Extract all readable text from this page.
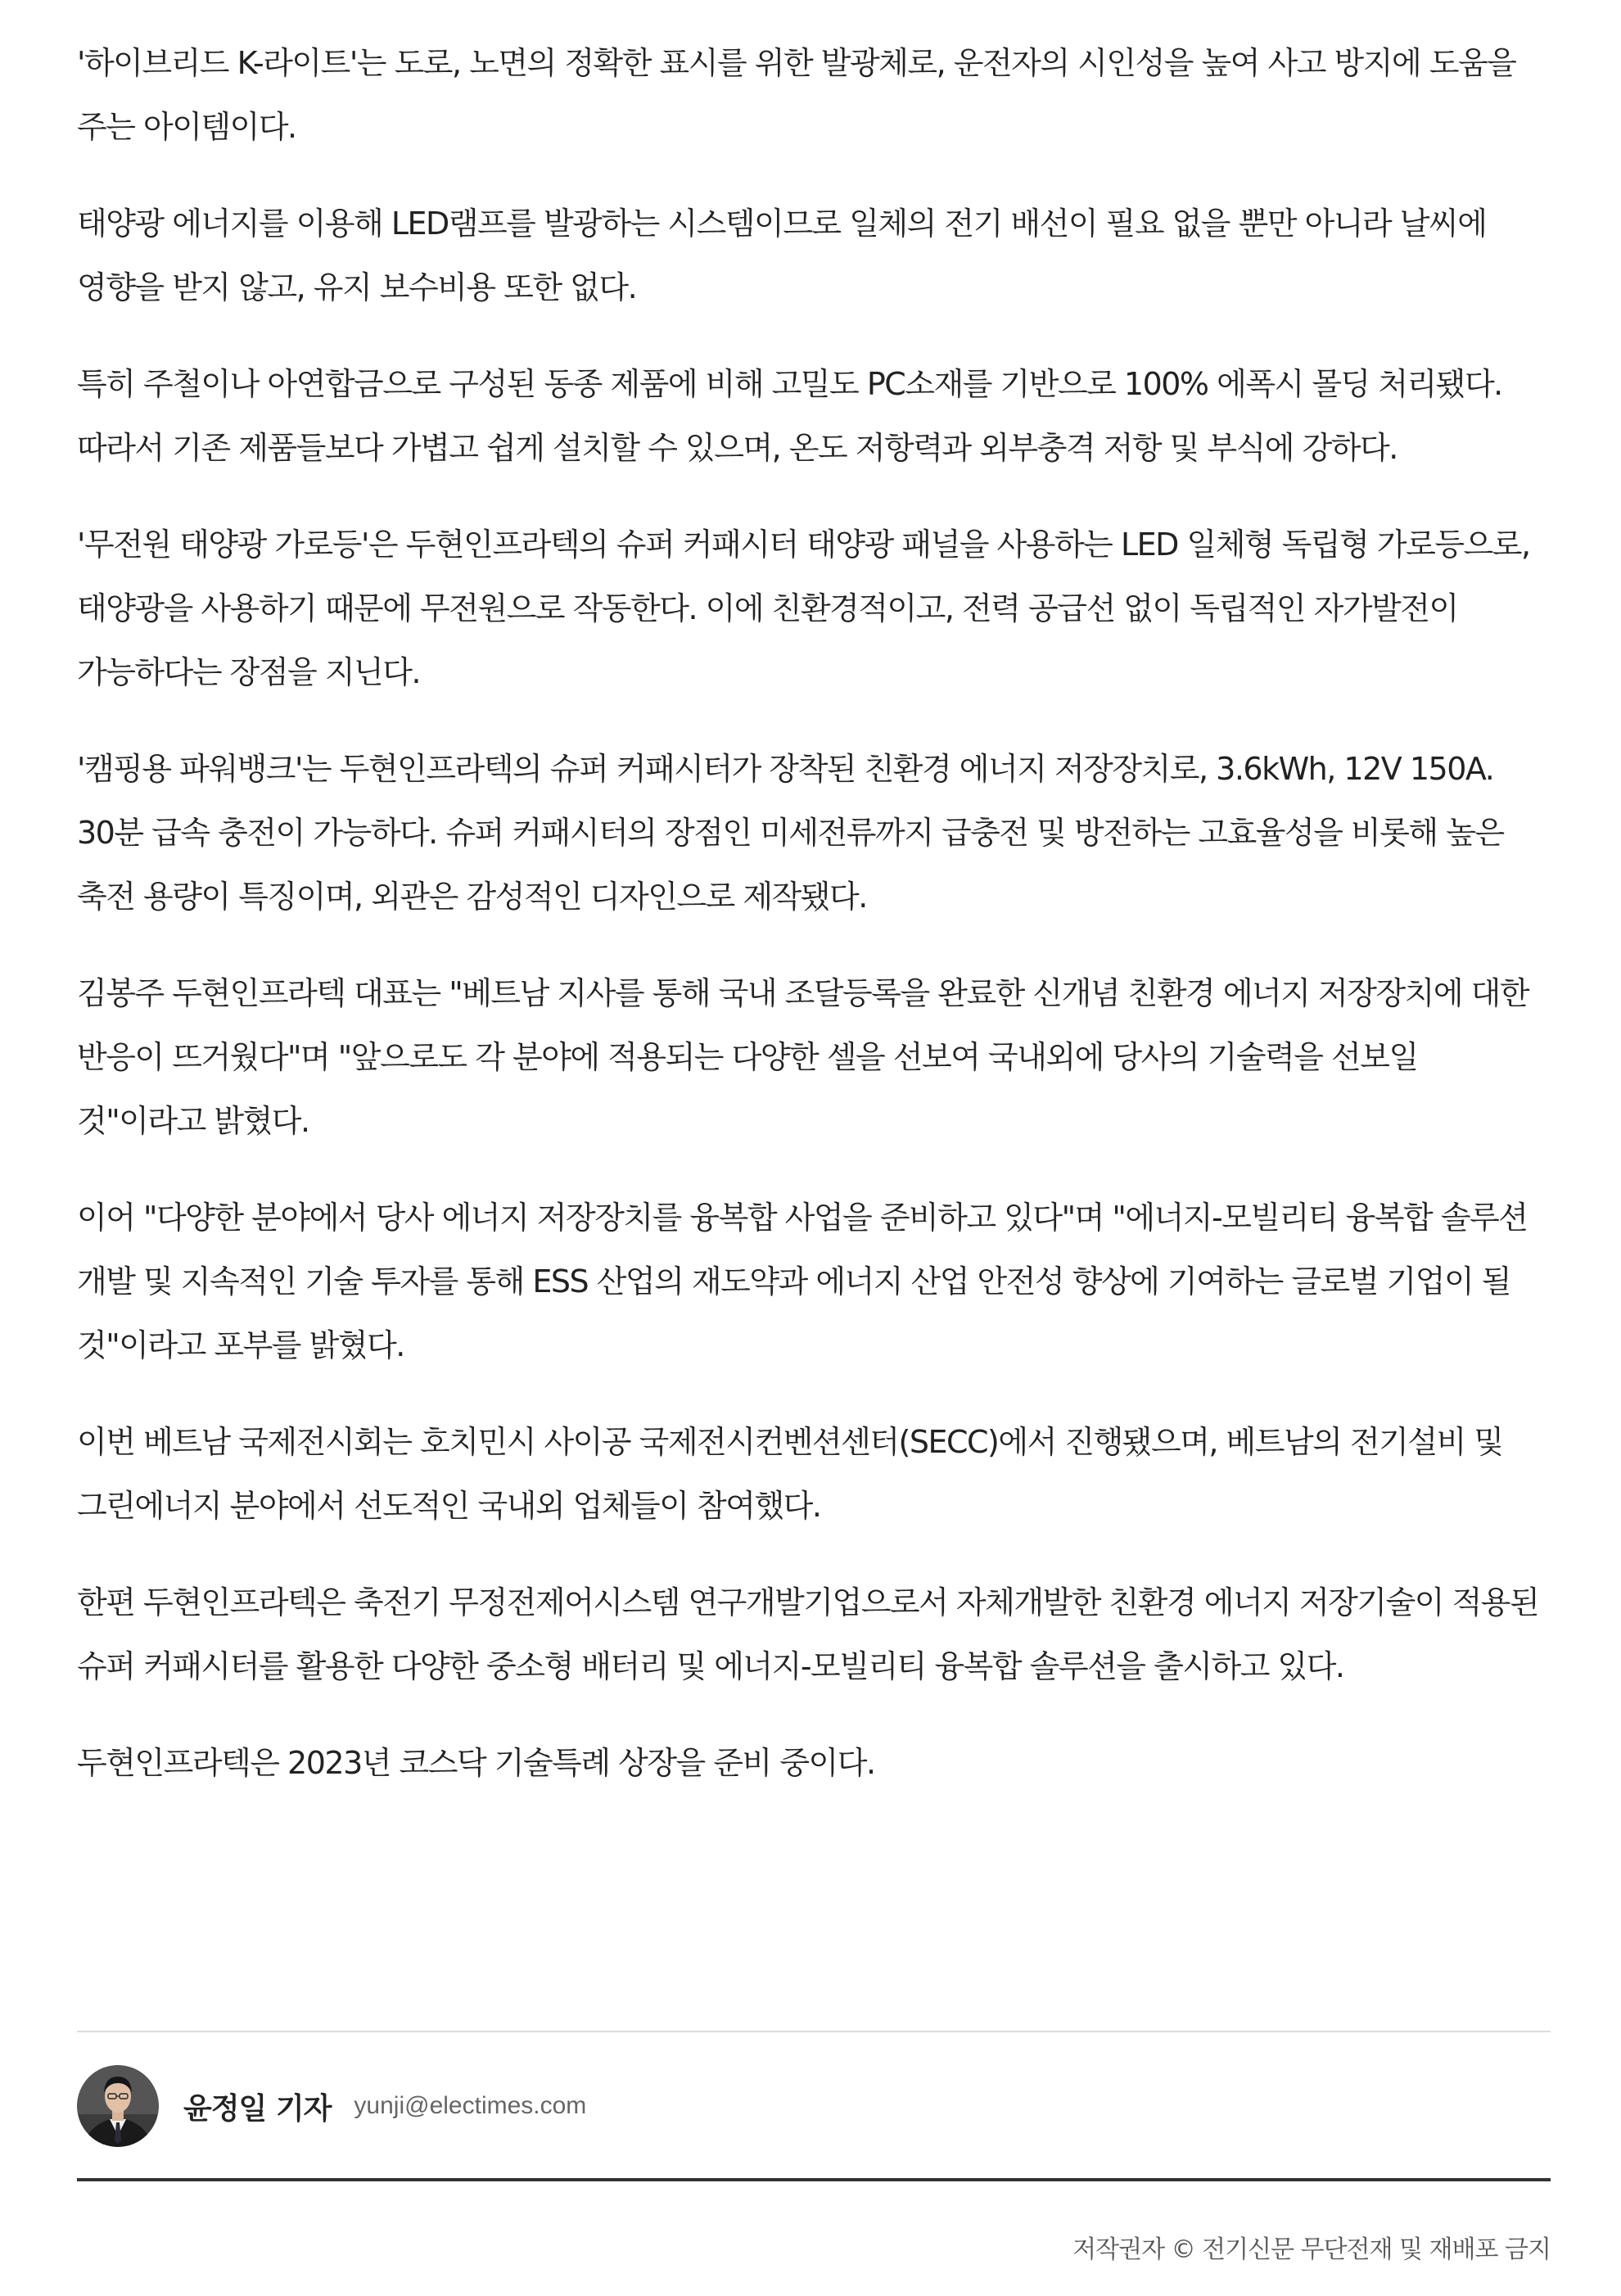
'하이브리드 K-라이트'는 도로, 노면의 정확한 표시를 위한 발광체로, 운전자의 시인성을 높여 사고 방지에 도움을 주는 아이템이다.

태양광 에너지를 이용해 LED램프를 발광하는 시스템이므로 일체의 전기 배선이 필요 없을 뿐만 아니라 날씨에 영향을 받지 않고, 유지 보수비용 또한 없다.

특히 주철이나 아연합금으로 구성된 동종 제품에 비해 고밀도 PC소재를 기반으로 100% 에폭시 몰딩 처리됐다. 따라서 기존 제품들보다 가볍고 쉽게 설치할 수 있으며, 온도 저항력과 외부충격 저항 및 부식에 강하다.

'무전원 태양광 가로등'은 두현인프라텍의 슈퍼 커패시터 태양광 패널을 사용하는 LED 일체형 독립형 가로등으로, 태양광을 사용하기 때문에 무전원으로 작동한다. 이에 친환경적이고, 전력 공급선 없이 독립적인 자가발전이 가능하다는 장점을 지닌다.

'캠핑용 파워뱅크'는 두현인프라텍의 슈퍼 커패시터가 장착된 친환경 에너지 저장장치로, 3.6kWh, 12V 150A. 30분 급속 충전이 가능하다. 슈퍼 커패시터의 장점인 미세전류까지 급충전 및 방전하는 고효율성을 비롯해 높은 축전 용량이 특징이며, 외관은 감성적인 디자인으로 제작됐다.

김봉주 두현인프라텍 대표는 "베트남 지사를 통해 국내 조달등록을 완료한 신개념 친환경 에너지 저장장치에 대한 반응이 뜨거웠다"며 "앞으로도 각 분야에 적용되는 다양한 셀을 선보여 국내외에 당사의 기술력을 선보일 것"이라고 밝혔다.

이어 "다양한 분야에서 당사 에너지 저장장치를 융복합 사업을 준비하고 있다"며 "에너지-모빌리티 융복합 솔루션 개발 및 지속적인 기술 투자를 통해 ESS 산업의 재도약과 에너지 산업 안전성 향상에 기여하는 글로벌 기업이 될 것"이라고 포부를 밝혔다.

이번 베트남 국제전시회는 호치민시 사이공 국제전시컨벤션센터(SECC)에서 진행됐으며, 베트남의 전기설비 및 그린에너지 분야에서 선도적인 국내외 업체들이 참여했다.

한편 두현인프라텍은 축전기 무정전제어시스템 연구개발기업으로서 자체개발한 친환경 에너지 저장기술이 적용된 슈퍼 커패시터를 활용한 다양한 중소형 배터리 및 에너지-모빌리티 융복합 솔루션을 출시하고 있다.

두현인프라텍은 2023년 코스닥 기술특례 상장을 준비 중이다.

윤정일 기자 yunji@electimes.com
저작권자 © 전기신문 무단전재 및 재배포 금지
